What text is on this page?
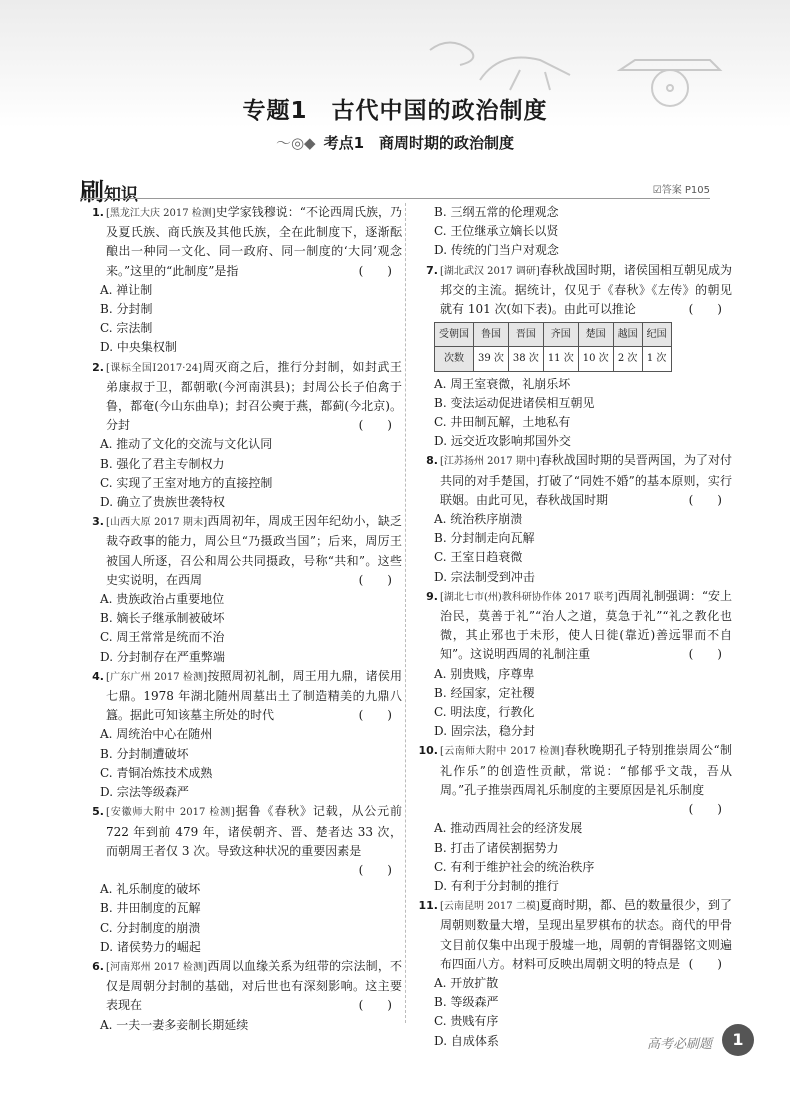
专题1　古代中国的政治制度
～◎◆ 考点1　商周时期的政治制度
刷知识	☑答案 P105
1. [黑龙江大庆 2017 检测]史学家钱穆说：“不论西周氏族，乃及夏氏族、商氏族及其他氏族，全在此制度下，逐渐酝酿出一种同一文化、同一政府、同一制度的‘大同’观念来。”这里的“此制度”是指	(　　)
A. 禅让制
B. 分封制
C. 宗法制
D. 中央集权制
2. [课标全国Ⅰ2017·24]周灭商之后，推行分封制，如封武王弟康叔于卫，都朝歌(今河南淇县)；封周公长子伯禽于鲁，都奄(今山东曲阜)；封召公奭于燕，都蓟(今北京)。分封	(　　)
A. 推动了文化的交流与文化认同
B. 强化了君主专制权力
C. 实现了王室对地方的直接控制
D. 确立了贵族世袭特权
3. [山西大原 2017 期末]西周初年，周成王因年纪幼小，缺乏裁夺政事的能力，周公旦“乃摄政当国”；后来，周厉王被国人所逐，召公和周公共同摄政，号称“共和”。这些史实说明，在西周	(　　)
A. 贵族政治占重要地位
B. 嫡长子继承制被破坏
C. 周王常常是统而不治
D. 分封制存在严重弊端
4. [广东广州 2017 检测]按照周初礼制，周王用九鼎，诸侯用七鼎。1978 年湖北随州周墓出土了制造精美的九鼎八簋。据此可知该墓主所处的时代	(　　)
A. 周统治中心在随州
B. 分封制遭破坏
C. 青铜冶炼技术成熟
D. 宗法等级森严
5. [安徽师大附中 2017 检测]据鲁《春秋》记载，从公元前 722 年到前 479 年，诸侯朝齐、晋、楚者达 33 次，而朝周王者仅 3 次。导致这种状况的重要因素是
(　　)
A. 礼乐制度的破坏
B. 井田制度的瓦解
C. 分封制度的崩溃
D. 诸侯势力的崛起
6. [河南郑州 2017 检测]西周以血缘关系为纽带的宗法制，不仅是周朝分封制的基础，对后世也有深刻影响。这主要表现在	(　　)
A. 一夫一妻多妾制长期延续
B. 三纲五常的伦理观念
C. 王位继承立嫡长以贤
D. 传统的门当户对观念
7. [湖北武汉 2017 调研]春秋战国时期，诸侯国相互朝见成为邦交的主流。据统计，仅见于《春秋》《左传》的朝见就有 101 次(如下表)。由此可以推论	(　　)
受朝国	鲁国	晋国	齐国	楚国	越国	纪国
次数	39 次	38 次	11 次	10 次	2 次	1 次
A. 周王室衰微，礼崩乐坏
B. 变法运动促进诸侯相互朝见
C. 井田制瓦解，土地私有
D. 远交近攻影响邦国外交
8. [江苏扬州 2017 期中]春秋战国时期的吴晋两国，为了对付共同的对手楚国，打破了“同姓不婚”的基本原则，实行联姻。由此可见，春秋战国时期	(　　)
A. 统治秩序崩溃
B. 分封制走向瓦解
C. 王室日趋衰微
D. 宗法制受到冲击
9. [湖北七市(州)教科研协作体 2017 联考]西周礼制强调：“安上治民，莫善于礼”“治人之道，莫急于礼”“礼之教化也微，其止邪也于未形，使人日徙(靠近)善远罪而不自知”。这说明西周的礼制注重	(　　)
A. 别贵贱，序尊卑
B. 经国家，定社稷
C. 明法度，行教化
D. 固宗法，稳分封
10. [云南师大附中 2017 检测]春秋晚期孔子特别推崇周公“制礼作乐”的创造性贡献，常说：“郁郁乎文哉，吾从周。”孔子推崇西周礼乐制度的主要原因是礼乐制度
(　　)
A. 推动西周社会的经济发展
B. 打击了诸侯割据势力
C. 有利于维护社会的统治秩序
D. 有利于分封制的推行
11. [云南昆明 2017 二模]夏商时期，都、邑的数量很少，到了周朝则数量大增，呈现出星罗棋布的状态。商代的甲骨文目前仅集中出现于殷墟一地，周朝的青铜器铭文则遍布四面八方。材料可反映出周朝文明的特点是 (　　)
A. 开放扩散
B. 等级森严
C. 贵贱有序
D. 自成体系	高考必刷题	1
